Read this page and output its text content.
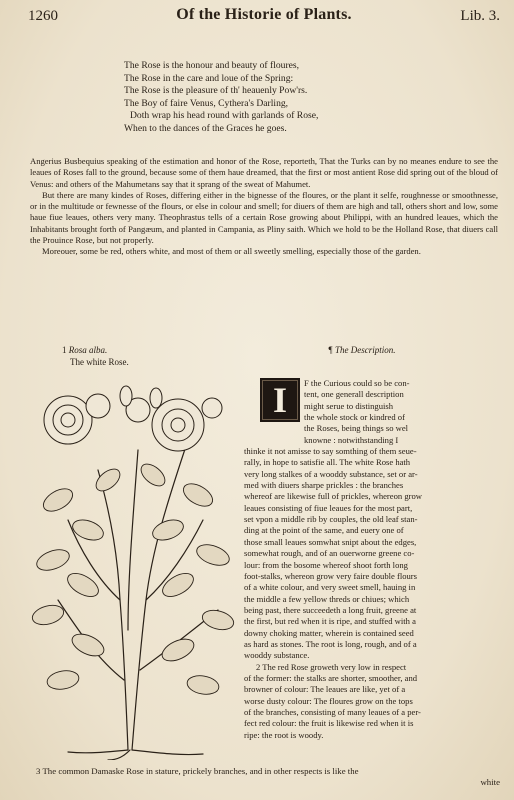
1260	Of the Historie of Plants.	Lib. 3.
The Rose is the honour and beauty of floures,
The Rose in the care and loue of the Spring:
The Rose is the pleasure of th' heauenly Pow'rs.
The Boy of faire Venus, Cythera's Darling,
Doth wrap his head round with garlands of Rose,
When to the dances of the Graces he goes.

Angerius Busbequius speaking of the estimation and honor of the Rose, reporteth, That the Turks can by no meanes endure to see the leaues of Roses fall to the ground, because some of them haue dreamed, that the first or most antient Rose did spring out of the bloud of Venus: and others of the Mahumetans say that it sprang of the sweat of Mahumet.

But there are many kindes of Roses, differing either in the bignesse of the floures, or the plant it selfe, roughnesse or smoothnesse, or in the multitude or fewnesse of the flours, or else in colour and smell; for diuers of them are high and tall, others short and low, some haue fiue leaues, others very many. Theophrastus tells of a certain Rose growing about Philippi, with an hundred leaues, which the Inhabitants brought forth of Pangæum, and planted in Campania, as Pliny saith. Which we hold to be the Holland Rose, that diuers call the Prouince Rose, but not properly.

Moreouer, some be red, others white, and most of them or all sweetly smelling, especially those of the garden.

1 Rosa alba.
The white Rose.
¶ The Description.
I	F the Curious could so be con-
tent, one generall description
might serue to distinguish
the whole stock or kindred of
the Roses, being things so wel
knowne : notwithstanding I
thinke it not amisse to say somthing of them seue-
rally, in hope to satisfie all. The white Rose hath
very long stalkes of a wooddy substance, set or ar-
med with diuers sharpe prickles : the branches
whereof are likewise full of prickles, whereon grow
leaues consisting of fiue leaues for the most part,
set vpon a middle rib by couples, the old leaf stan-
ding at the point of the same, and euery one of
those small leaues somwhat snipt about the edges,
somewhat rough, and of an ouerworne greene co-
lour: from the bosome whereof shoot forth long
foot-stalks, whereon grow very faire double flours
of a white colour, and very sweet smell, hauing in
the middle a few yellow threds or chiues; which
being past, there succeedeth a long fruit, greene at
the first, but red when it is ripe, and stuffed with a
downy choking matter, wherein is contained seed
as hard as stones. The root is long, rough, and of a
wooddy substance.
2 The red Rose groweth very low in respect
of the former: the stalks are shorter, smoother, and
browner of colour: The leaues are like, yet of a
worse dusty colour: The floures grow on the tops
of the branches, consisting of many leaues of a per-
fect red colour: the fruit is likewise red when it is
ripe: the root is woody.
3 The common Damaske Rose in stature, prickely branches, and in other respects is like the
white
